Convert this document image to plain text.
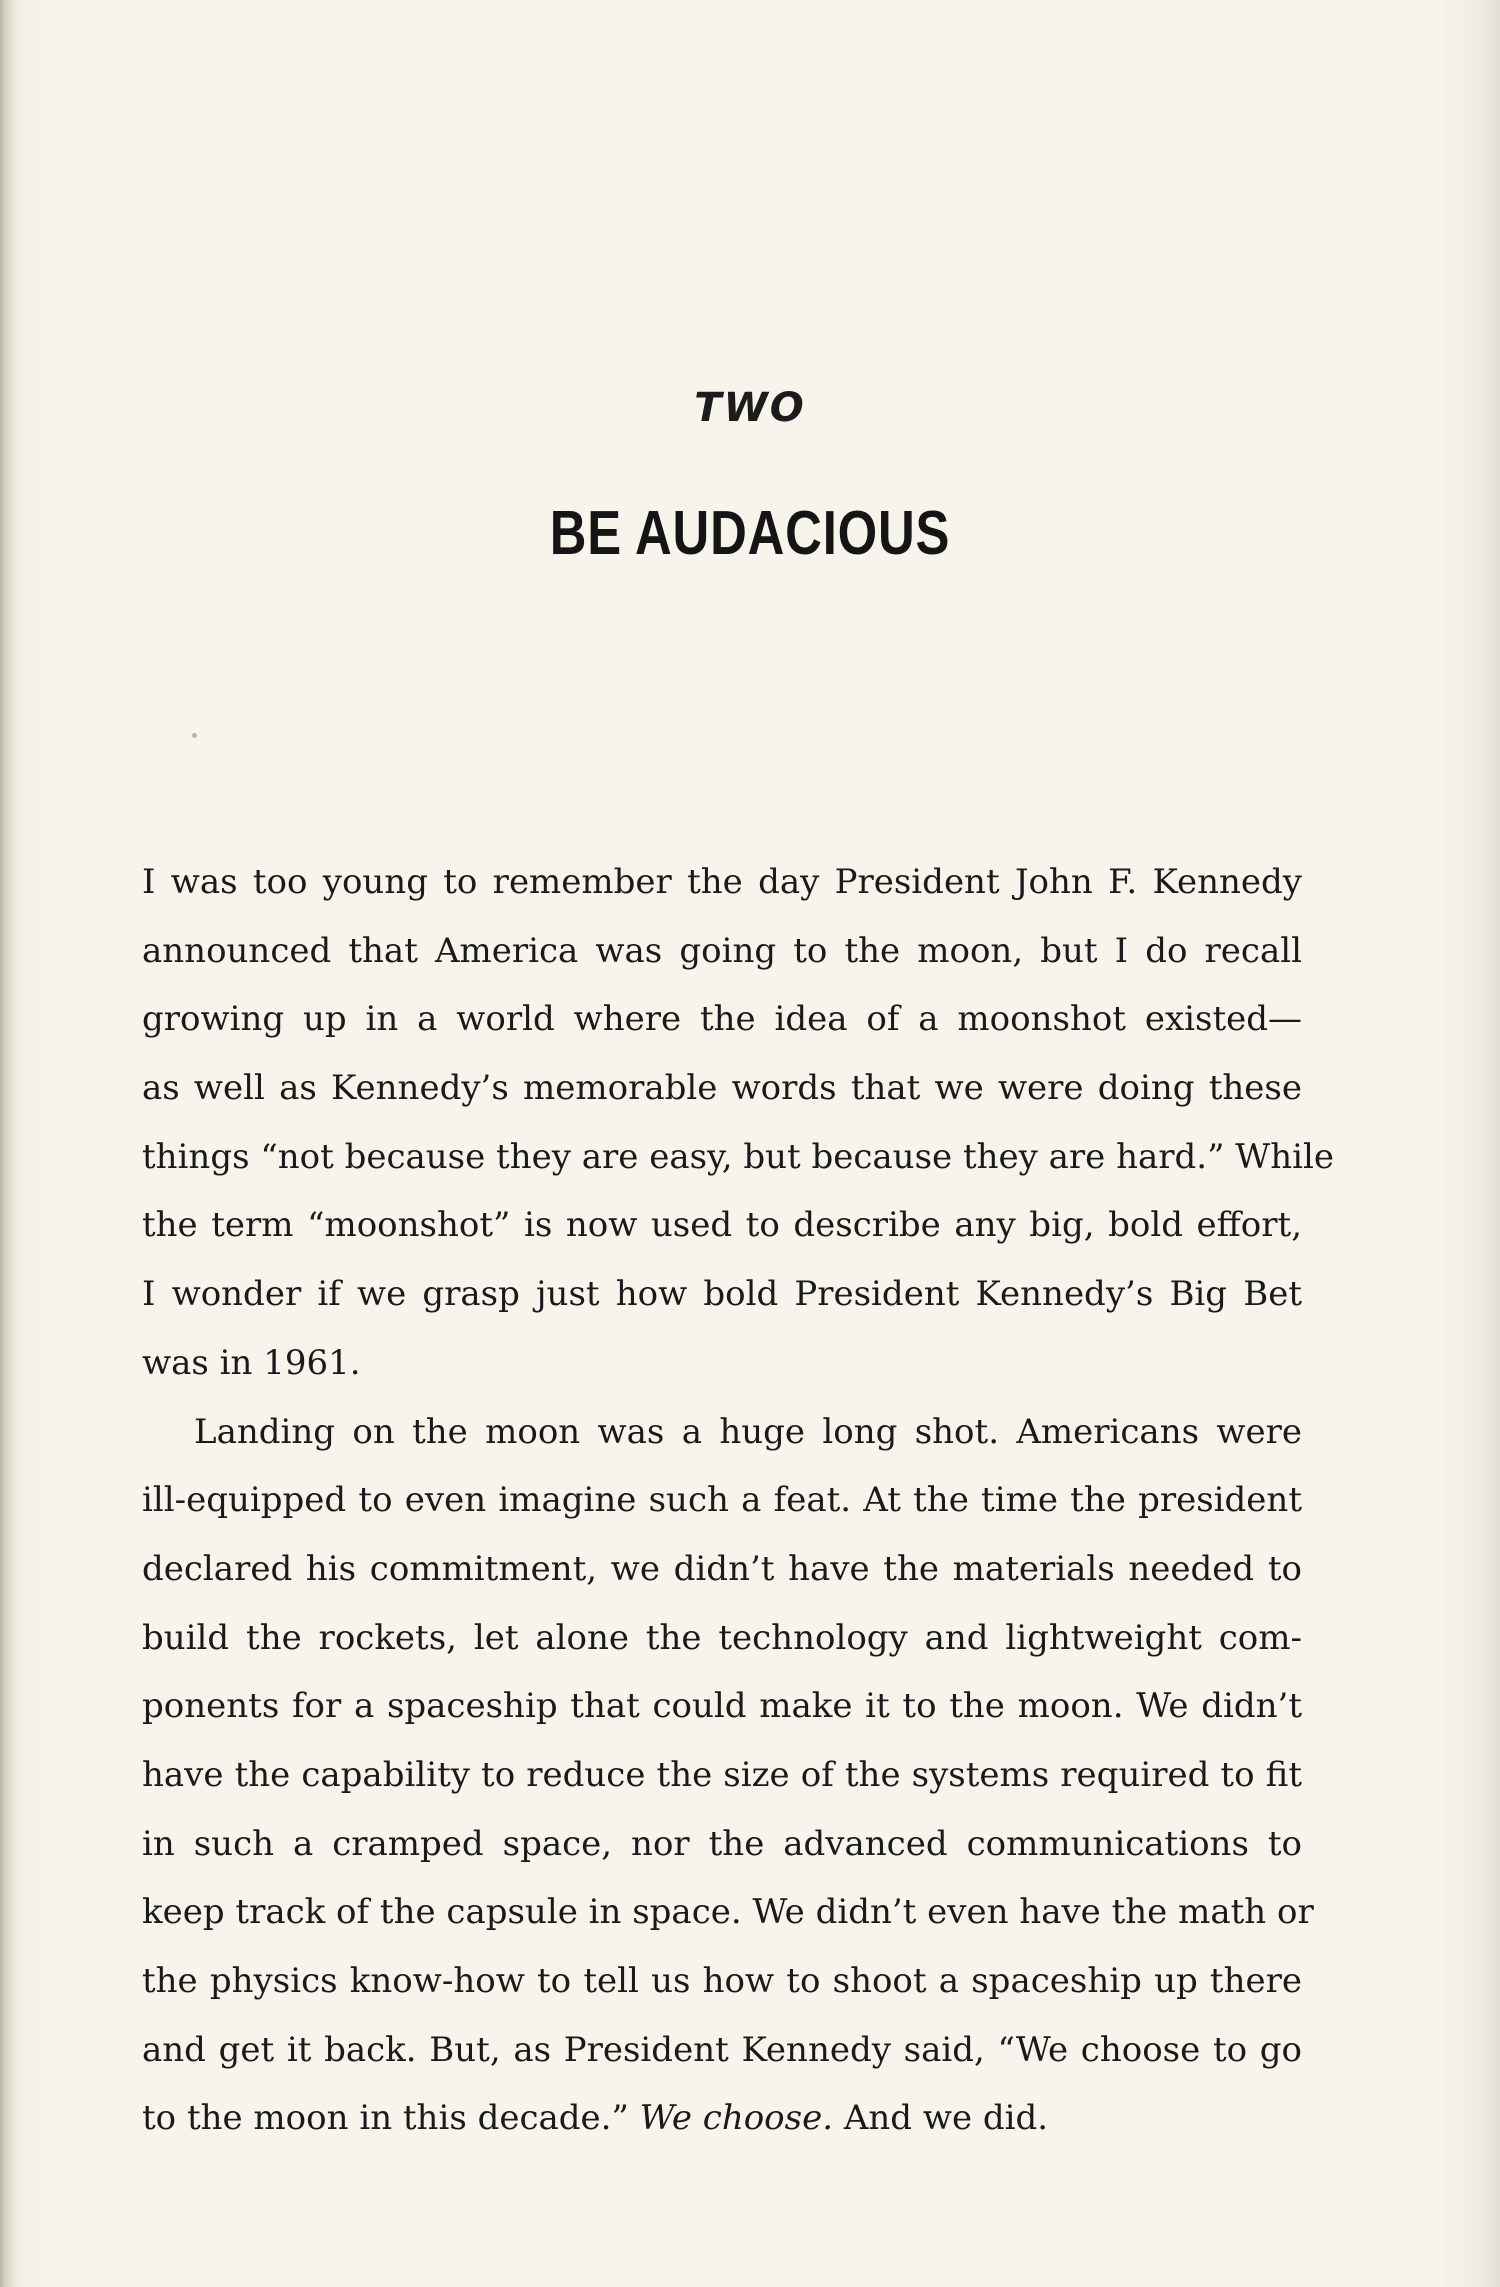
TWO
BE AUDACIOUS
I was too young to remember the day President John F. Kennedy
announced that America was going to the moon, but I do recall
growing up in a world where the idea of a moonshot existed—
as well as Kennedy’s memorable words that we were doing these
things “not because they are easy, but because they are hard.” While
the term “moonshot” is now used to describe any big, bold effort,
I wonder if we grasp just how bold President Kennedy’s Big Bet
was in 1961.
Landing on the moon was a huge long shot. Americans were
ill-equipped to even imagine such a feat. At the time the president
declared his commitment, we didn’t have the materials needed to
build the rockets, let alone the technology and lightweight com-
ponents for a spaceship that could make it to the moon. We didn’t
have the capability to reduce the size of the systems required to fit
in such a cramped space, nor the advanced communications to
keep track of the capsule in space. We didn’t even have the math or
the physics know-how to tell us how to shoot a spaceship up there
and get it back. But, as President Kennedy said, “We choose to go
to the moon in this decade.” We choose. And we did.
